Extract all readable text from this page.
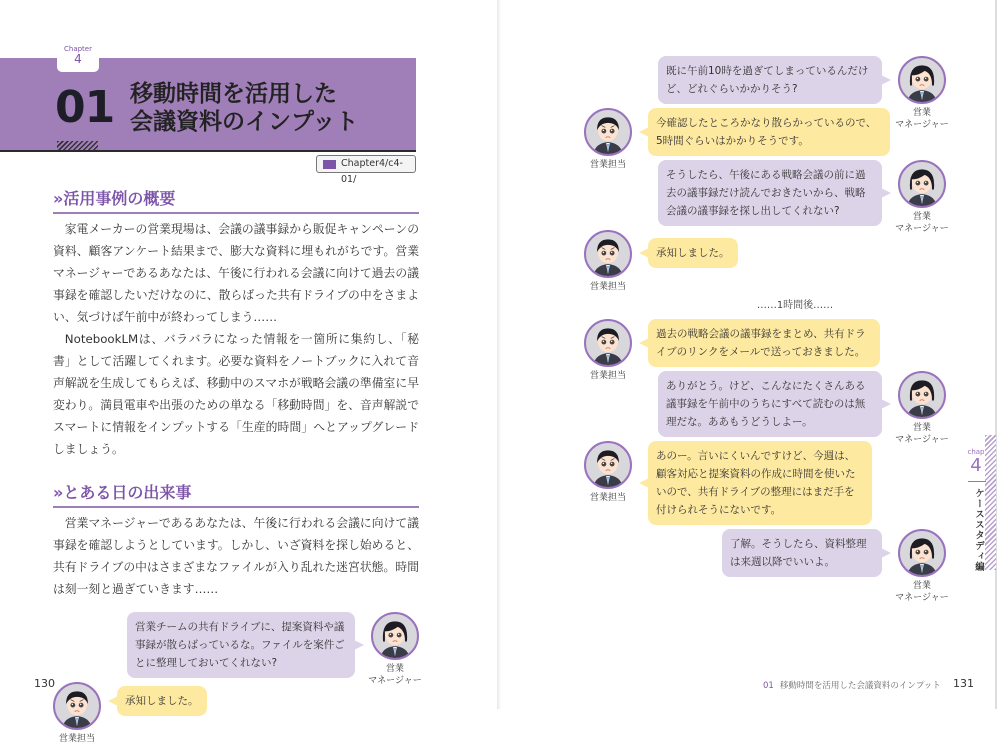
Chapter
4
01 移動時間を活用した
会議資料のインプット
Chapter4/c4-01/
»活用事例の概要
家電メーカーの営業現場は、会議の議事録から販促キャンペーンの資料、顧客アンケート結果まで、膨大な資料に埋もれがちです。営業マネージャーであるあなたは、午後に行われる会議に向けて過去の議事録を確認したいだけなのに、散らばった共有ドライブの中をさまよい、気づけば午前中が終わってしまう……
NotebookLMは、バラバラになった情報を一箇所に集約し、「秘書」として活躍してくれます。必要な資料をノートブックに入れて音声解説を生成してもらえば、移動中のスマホが戦略会議の準備室に早変わり。満員電車や出張のための単なる「移動時間」を、音声解説でスマートに情報をインプットする「生産的時間」へとアップグレードしましょう。
»とある日の出来事
営業マネージャーであるあなたは、午後に行われる会議に向けて議事録を確認しようとしています。しかし、いざ資料を探し始めると、共有ドライブの中はさまざまなファイルが入り乱れた迷宮状態。時間は刻一刻と過ぎていきます……
営業チームの共有ドライブに、提案資料や議事録が散らばっているな。ファイルを案件ごとに整理しておいてくれない?	営業
マネージャー
営業担当
承知しました。
130
既に午前10時を過ぎてしまっているんだけど、どれぐらいかかりそう?
営業
マネージャー
営業担当
今確認したところかなり散らかっているので、5時間ぐらいはかかりそうです。
そうしたら、午後にある戦略会議の前に過去の議事録だけ読んでおきたいから、戦略会議の議事録を探し出してくれない?	営業
マネージャー
営業担当
承知しました。
……1時間後……
営業担当
過去の戦略会議の議事録をまとめ、共有ドライブのリンクをメールで送っておきました。
ありがとう。けど、こんなにたくさんある議事録を午前中のうちにすべて読むのは無理だな。ああもうどうしよー。	営業
マネージャー
営業担当
あのー。言いにくいんですけど、今週は、顧客対応と提案資料の作成に時間を使いたいので、共有ドライブの整理にはまだ手を付けられそうにないです。
了解。そうしたら、資料整理は来週以降でいいよ。
営業
マネージャー
chap
4
ケーススタディ編
01 移動時間を活用した会議資料のインプット 131
